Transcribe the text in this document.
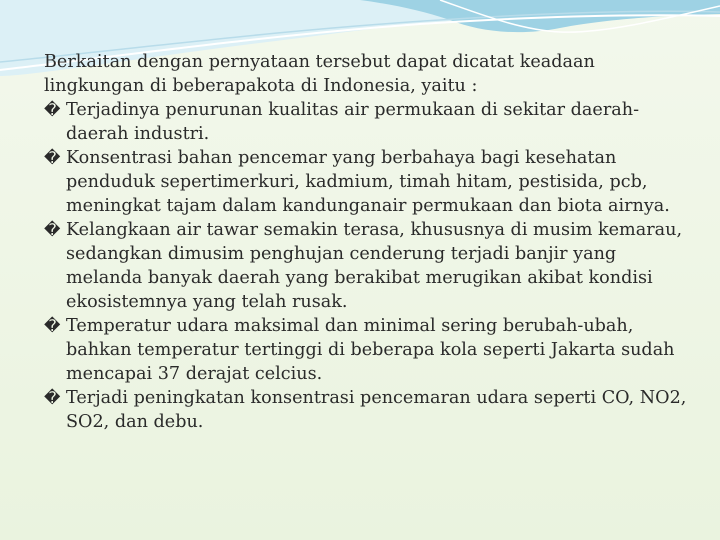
Berkaitan dengan pernyataan tersebut dapat dicatat keadaan lingkungan di beberapakota di Indonesia, yaitu :

� Terjadinya penurunan kualitas air permukaan di sekitar daerah-daerah industri.
� Konsentrasi bahan pencemar yang berbahaya bagi kesehatan penduduk sepertimerkuri, kadmium, timah hitam, pestisida, pcb, meningkat tajam dalam kandunganair permukaan dan biota airnya.
� Kelangkaan air tawar semakin terasa, khususnya di musim kemarau, sedangkan dimusim penghujan cenderung terjadi banjir yang melanda banyak daerah yang berakibat merugikan akibat kondisi ekosistemnya yang telah rusak.
� Temperatur udara maksimal dan minimal sering berubah-ubah, bahkan temperatur tertinggi di beberapa kola seperti Jakarta sudah mencapai 37 derajat celcius.
� Terjadi peningkatan konsentrasi pencemaran udara seperti CO, NO2, SO2, dan debu.
